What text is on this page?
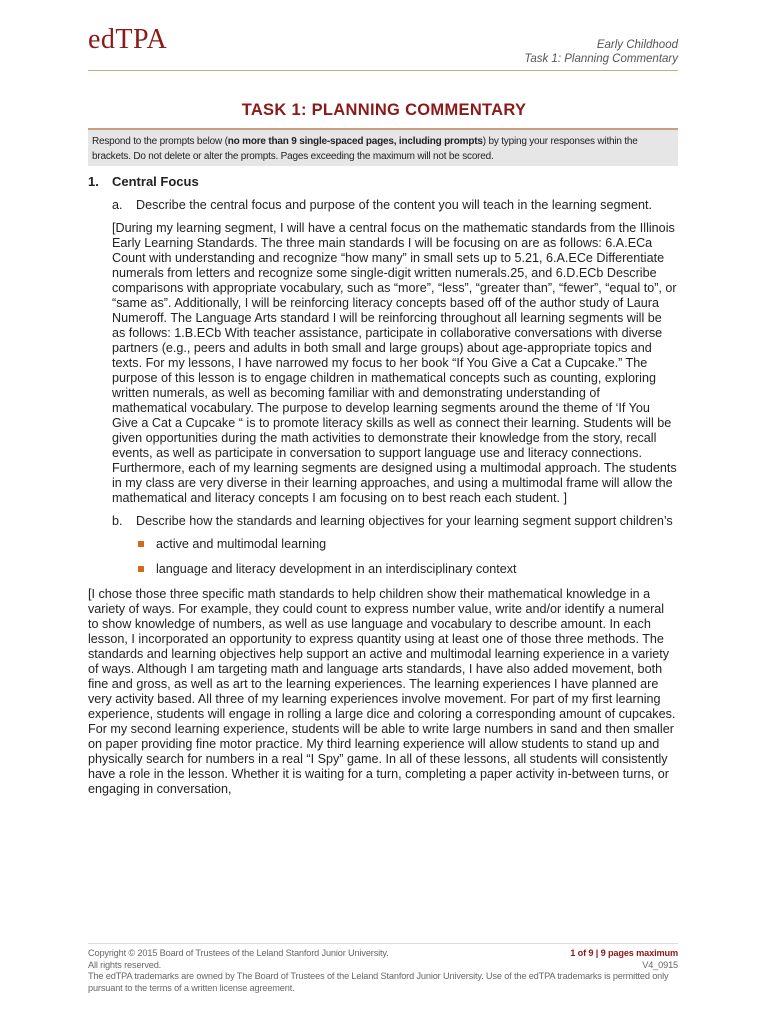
edTPA	Early Childhood
Task 1: Planning Commentary
TASK 1: PLANNING COMMENTARY
Respond to the prompts below (no more than 9 single-spaced pages, including prompts) by typing your responses within the brackets. Do not delete or alter the prompts. Pages exceeding the maximum will not be scored.
1. Central Focus
a. Describe the central focus and purpose of the content you will teach in the learning segment.
[During my learning segment, I will have a central focus on the mathematic standards from the Illinois Early Learning Standards. The three main standards I will be focusing on are as follows: 6.A.ECa Count with understanding and recognize “how many” in small sets up to 5.21, 6.A.ECe Differentiate numerals from letters and recognize some single-digit written numerals.25, and 6.D.ECb Describe comparisons with appropriate vocabulary, such as “more”, “less”, “greater than”, “fewer”, “equal to”, or “same as”. Additionally, I will be reinforcing literacy concepts based off of the author study of Laura Numeroff. The Language Arts standard I will be reinforcing throughout all learning segments will be as follows: 1.B.ECb With teacher assistance, participate in collaborative conversations with diverse partners (e.g., peers and adults in both small and large groups) about age-appropriate topics and texts. For my lessons, I have narrowed my focus to her book “If You Give a Cat a Cupcake.” The purpose of this lesson is to engage children in mathematical concepts such as counting, exploring written numerals, as well as becoming familiar with and demonstrating understanding of mathematical vocabulary. The purpose to develop learning segments around the theme of ‘If You Give a Cat a Cupcake “ is to promote literacy skills as well as connect their learning. Students will be given opportunities during the math activities to demonstrate their knowledge from the story, recall events, as well as participate in conversation to support language use and literacy connections. Furthermore, each of my learning segments are designed using a multimodal approach. The students in my class are very diverse in their learning approaches, and using a multimodal frame will allow the mathematical and literacy concepts I am focusing on to best reach each student. ]
b. Describe how the standards and learning objectives for your learning segment support children’s
active and multimodal learning
language and literacy development in an interdisciplinary context
[I chose those three specific math standards to help children show their mathematical knowledge in a variety of ways. For example, they could count to express number value, write and/or identify a numeral to show knowledge of numbers, as well as use language and vocabulary to describe amount. In each lesson, I incorporated an opportunity to express quantity using at least one of those three methods. The standards and learning objectives help support an active and multimodal learning experience in a variety of ways. Although I am targeting math and language arts standards, I have also added movement, both fine and gross, as well as art to the learning experiences. The learning experiences I have planned are very activity based. All three of my learning experiences involve movement. For part of my first learning experience, students will engage in rolling a large dice and coloring a corresponding amount of cupcakes. For my second learning experience, students will be able to write large numbers in sand and then smaller on paper providing fine motor practice. My third learning experience will allow students to stand up and physically search for numbers in a real “I Spy” game. In all of these lessons, all students will consistently have a role in the lesson. Whether it is waiting for a turn, completing a paper activity in-between turns, or engaging in conversation,
Copyright © 2015 Board of Trustees of the Leland Stanford Junior University.	1 of 9 | 9 pages maximum
All rights reserved.	V4_0915
The edTPA trademarks are owned by The Board of Trustees of the Leland Stanford Junior University. Use of the edTPA trademarks is permitted only pursuant to the terms of a written license agreement.
